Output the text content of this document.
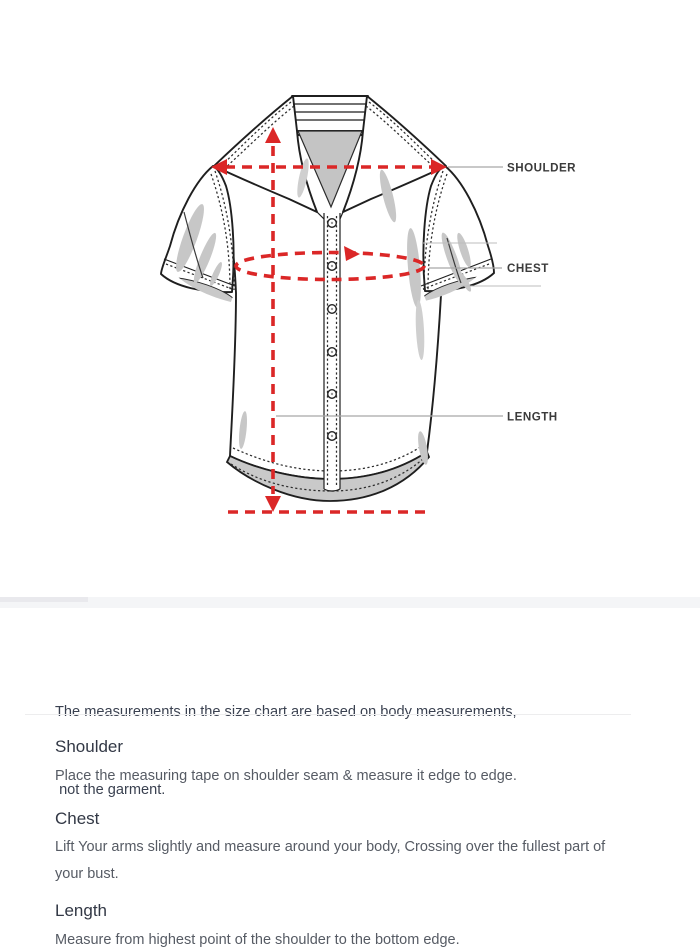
SHOULDER
CHEST
LENGTH

The measurements in the size chart are based on body measurements,

not the garment.

Shoulder
Place the measuring tape on shoulder seam & measure it edge to edge.
Chest
Lift Your arms slightly and measure around your body, Crossing over the fullest part of your bust.
Length
Measure from highest point of the shoulder to the bottom edge.
